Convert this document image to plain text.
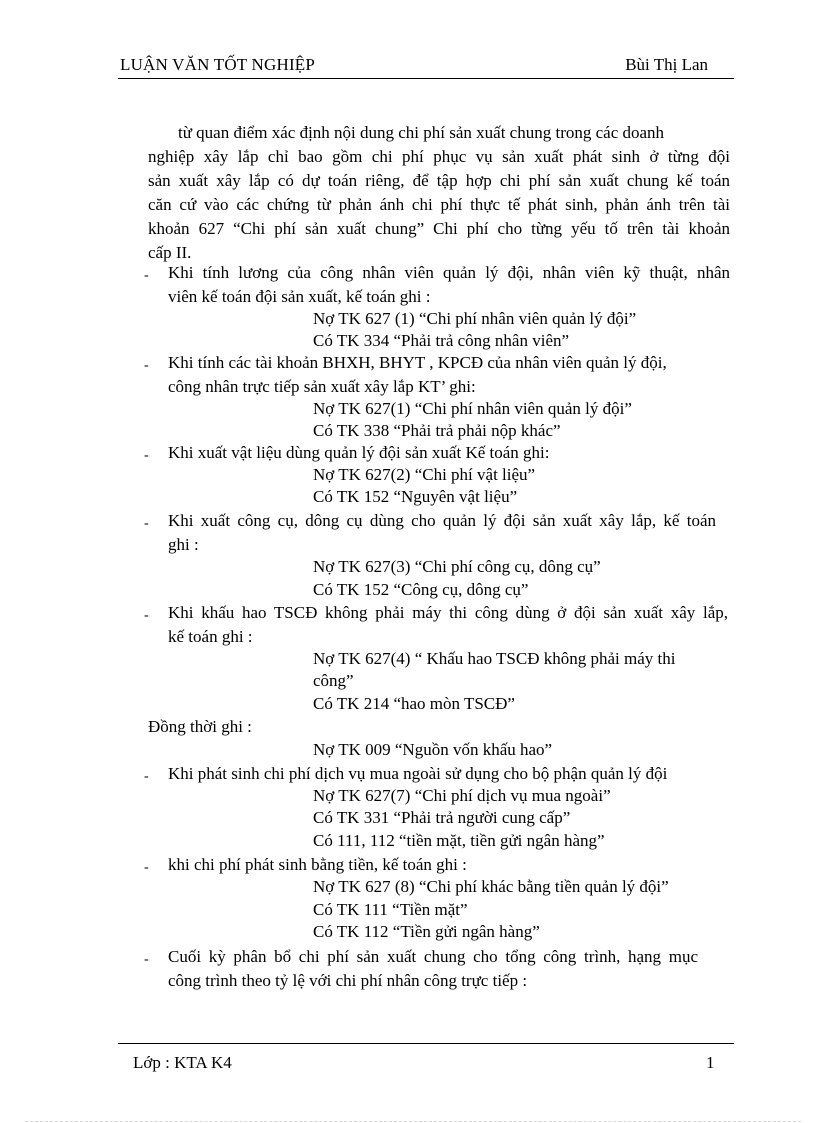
LUẬN VĂN TỐT NGHIỆP	Bùi Thị Lan
từ quan điểm xác định nội dung chi phí sản xuất chung trong các doanh
nghiệp xây lắp chỉ bao gồm chi phí phục vụ sản xuất phát sinh ở từng đội
sản xuất xây lắp có dự toán riêng, để tập hợp chi phí sản xuất chung kế toán
căn cứ vào các chứng từ phản ánh chi phí thực tế phát sinh, phản ánh trên tài
khoản 627 “Chi phí sản xuất chung” Chi phí cho từng yếu tố trên tài khoản
cấp II.
- Khi tính lương của công nhân viên quản lý đội, nhân viên kỹ thuật, nhân
viên kế toán đội sản xuất, kế toán ghi :
Nợ TK 627 (1) “Chi phí nhân viên quản lý đội”
Có TK 334 “Phải trả công nhân viên”
- Khi tính các tài khoản BHXH, BHYT , KPCĐ của nhân viên quản lý đội,
công nhân trực tiếp sản xuất xây lắp KT’ ghi:
Nợ TK 627(1) “Chi phí nhân viên quản lý đội”
Có TK 338 “Phải trả phải nộp khác”
- Khi xuất vật liệu dùng quản lý đội sản xuất Kế toán ghi:
Nợ TK 627(2) “Chi phí vật liệu”
Có TK 152 “Nguyên vật liệu”
- Khi xuất công cụ, dông cụ dùng cho quản lý đội sản xuất xây lắp, kế toán
ghi :
Nợ TK 627(3) “Chi phí công cụ, dông cụ”
Có TK 152 “Công cụ, dông cụ”
- Khi khấu hao TSCĐ không phải máy thi công dùng ở đội sản xuất xây lắp,
kế toán ghi :
Nợ TK 627(4) “ Khấu hao TSCĐ không phải máy thi
công”
Có TK 214 “hao mòn TSCĐ”
Đồng thời ghi :
Nợ TK 009 “Nguồn vốn khấu hao”
- Khi phát sinh chi phí dịch vụ mua ngoài sử dụng cho bộ phận quản lý đội
Nợ TK 627(7) “Chi phí dịch vụ mua ngoài”
Có TK 331 “Phải trả người cung cấp”
Có 111, 112 “tiền mặt, tiền gửi ngân hàng”
- khi chi phí phát sinh bằng tiền, kế toán ghi :
Nợ TK 627 (8) “Chi phí khác bằng tiền quản lý đội”
Có TK 111 “Tiền mặt”
Có TK 112 “Tiền gửi ngân hàng”
- Cuối kỳ phân bổ chi phí sản xuất chung cho tổng công trình, hạng mục
công trình theo tỷ lệ với chi phí nhân công trực tiếp :
Lớp : KTA K4	1
